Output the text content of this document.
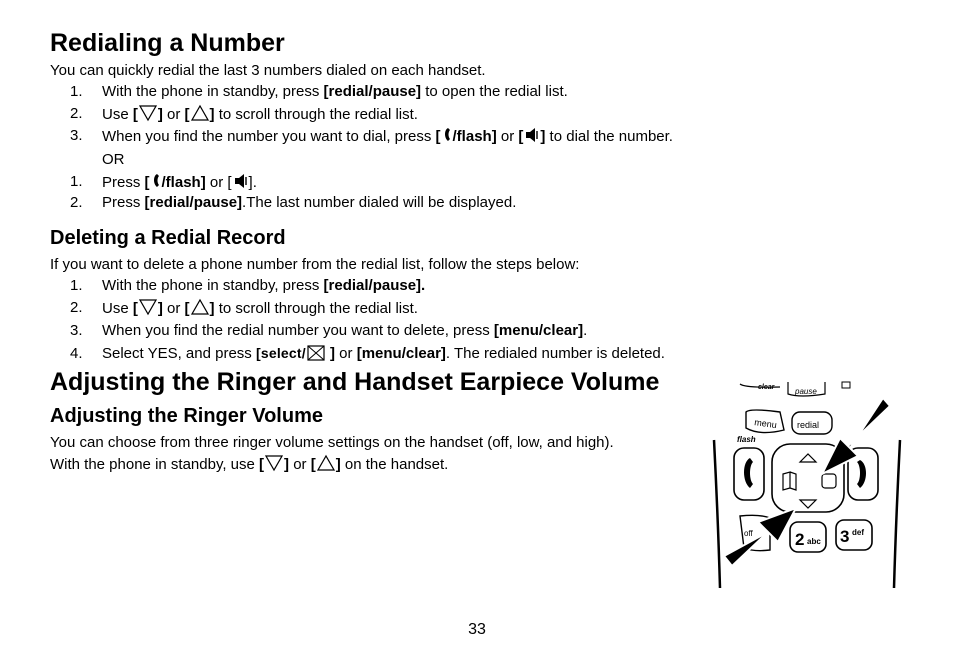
Redialing a Number
You can quickly redial the last 3 numbers dialed on each handset.
1.	With the phone in standby, press [redial/pause] to open the redial list.
2.	Use [ ] or [ ] to scroll through the redial list.
3.	When you find the number you want to dial, press [ /flash] or [ ] to dial the number.
OR
1.	Press [ /flash] or [ ].
2.	Press [redial/pause].The last number dialed will be displayed.
Deleting a Redial Record
If you want to delete a phone number from the redial list, follow the steps below:
1.	With the phone in standby, press [redial/pause].
2.	Use [ ] or [ ] to scroll through the redial list.
3.	When you find the redial number you want to delete, press [menu/clear].
4.	Select YES, and press [select/ ] or [menu/clear]. The redialed number is deleted.
Adjusting the Ringer and Handset Earpiece Volume
Adjusting the Ringer Volume
You can choose from three ringer volume settings on the handset (off, low, and high).
With the phone in standby, use [ ] or [ ] on the handset.
clear	pause
menu redial
flash
off 2 abc 3 def
33
